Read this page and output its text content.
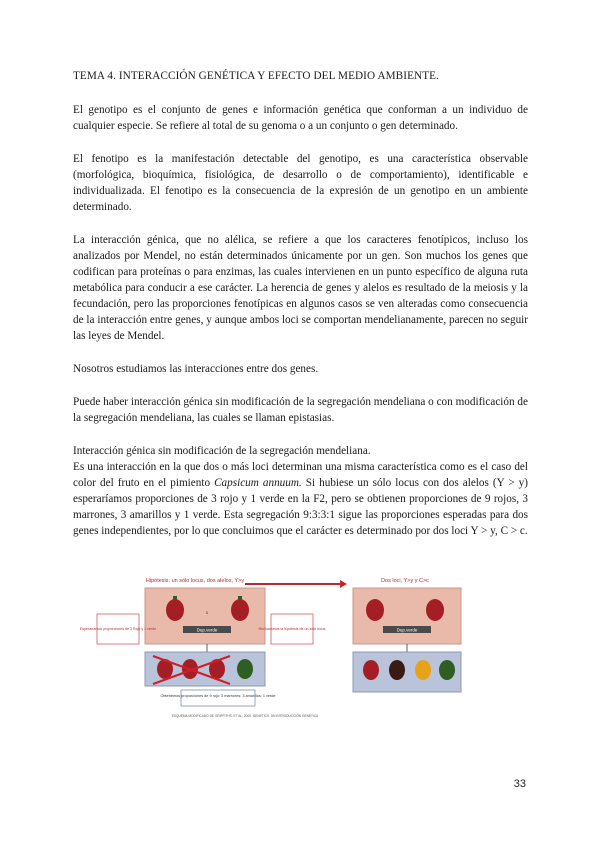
TEMA 4. INTERACCIÓN GENÉTICA Y EFECTO DEL MEDIO AMBIENTE.

El genotipo es el conjunto de genes e información genética que conforman a un individuo de cualquier especie. Se refiere al total de su genoma o a un conjunto o gen determinado.

El fenotipo es la manifestación detectable del genotipo, es una característica observable (morfológica, bioquímica, fisiológica, de desarrollo o de comportamiento), identificable e individualizada. El fenotipo es la consecuencia de la expresión de un genotipo en un ambiente determinado.

La interacción génica, que no alélica, se refiere a que los caracteres fenotípicos, incluso los analizados por Mendel, no están determinados únicamente por un gen. Son muchos los genes que codifican para proteínas o para enzimas, las cuales intervienen en un punto específico de alguna ruta metabólica para conducir a ese carácter. La herencia de genes y alelos es resultado de la meiosis y la fecundación, pero las proporciones fenotípicas en algunos casos se ven alteradas como consecuencia de la interacción entre genes, y aunque ambos loci se comportan mendelianamente, parecen no seguir las leyes de Mendel.

Nosotros estudiamos las interacciones entre dos genes.

Puede haber interacción génica sin modificación de la segregación mendeliana o con modificación de la segregación mendeliana, las cuales se llaman epistasias.

Interacción génica sin modificación de la segregación mendeliana.

Es una interacción en la que dos o más loci determinan una misma característica como es el caso del color del fruto en el pimiento Capsicum annuum. Si hubiese un sólo locus con dos alelos (Y > y) esperaríamos proporciones de 3 rojo y 1 verde en la F2, pero se obtienen proporciones de 9 rojos, 3 marrones, 3 amarillos y 1 verde. Esta segregación 9:3:3:1 sigue las proporciones esperadas para dos genes independientes, por lo que concluimos que el carácter es determinado por dos loci Y > y, C > c.

Hipótesis: un sólo locus, dos alelos, Y>y
x
Dup.verde
Obtenemos proporciones de 9 rojo: 3 marrones: 3 amarillos: 1 verde
Esperaríamos proporciones de 3 Rojo y 1 verde	Rechazamos la hipótesis de un solo locus
Dos loci, Y>y y C>c
Dup.verde
ESQUEMA MODIFICADO DE GRIFFITHS, ET AL. 2000. GENETICS. UN INTRODUCCIÓN GENÉTICA
33
